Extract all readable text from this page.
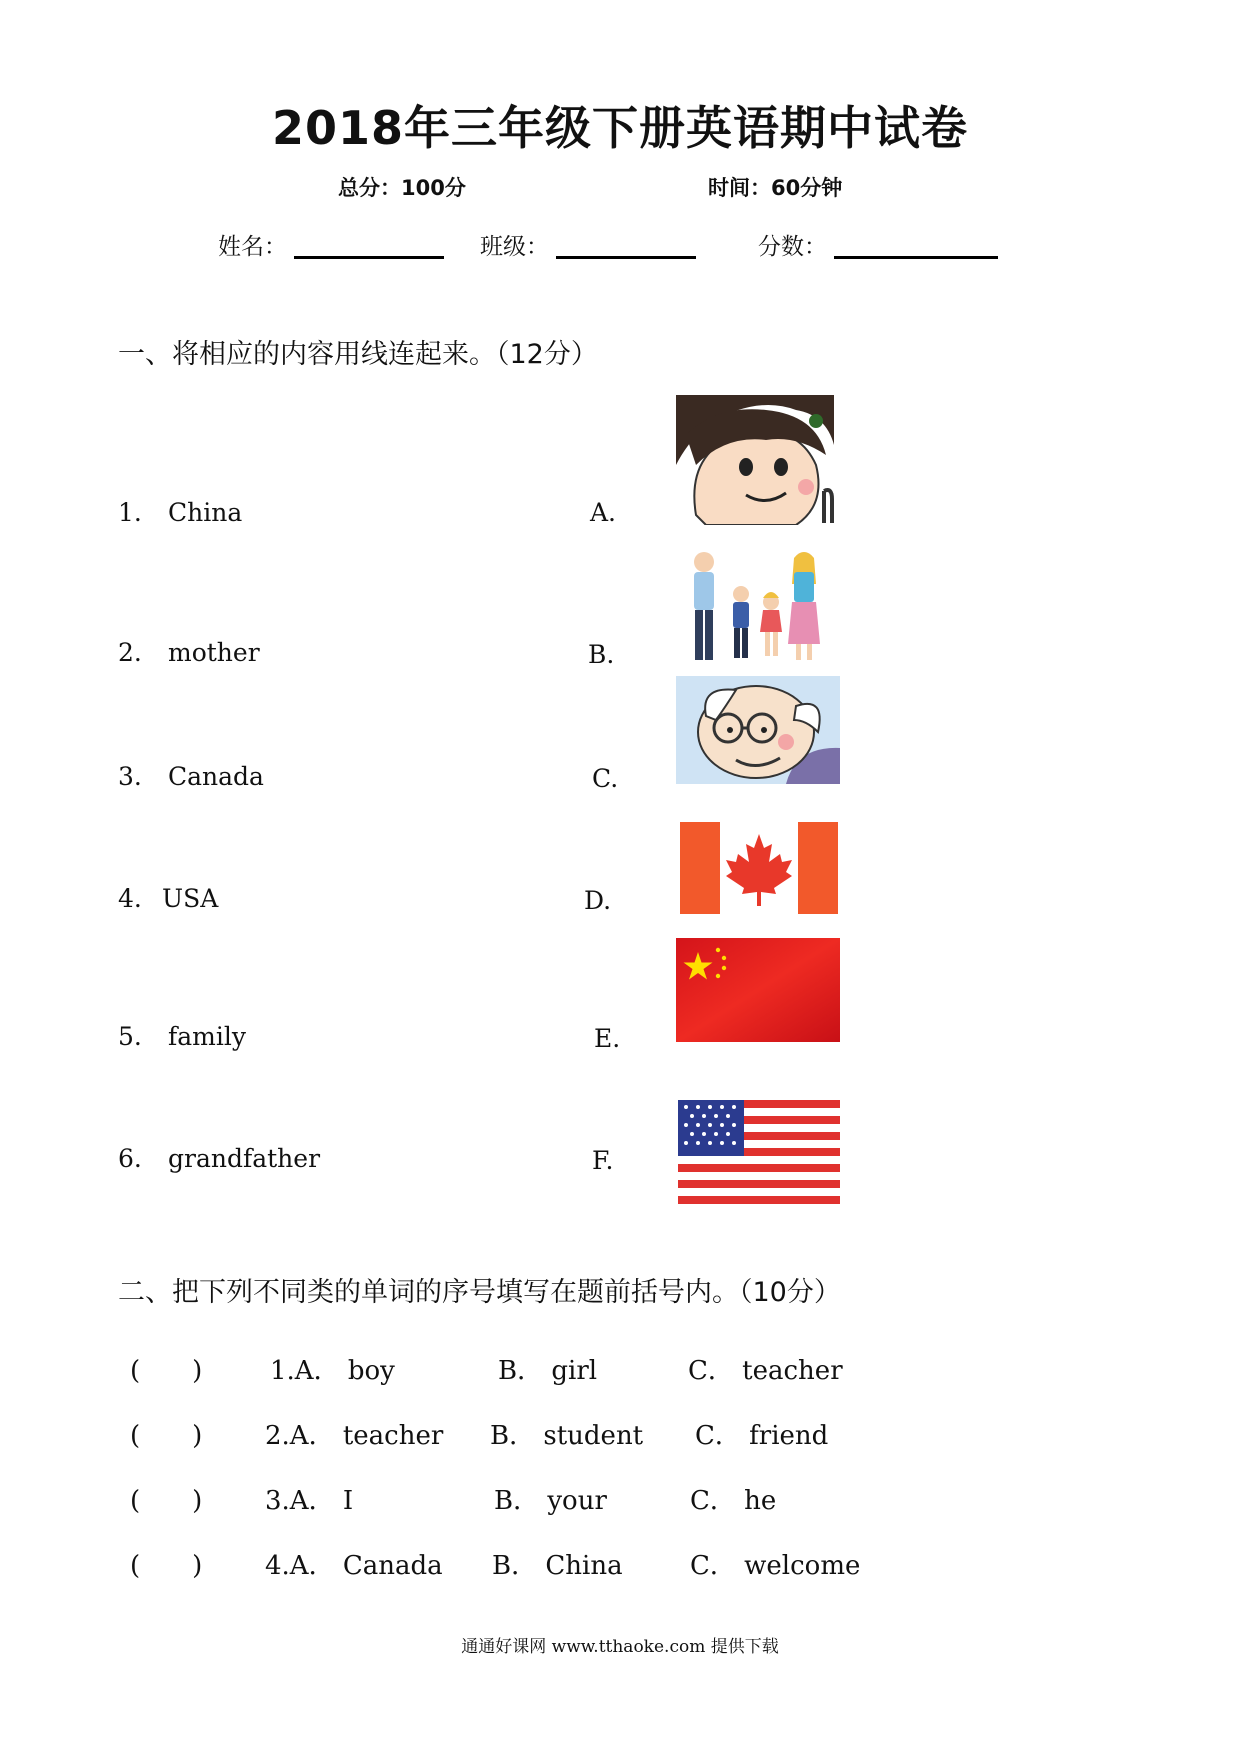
2018年三年级下册英语期中试卷
总分：100分	时间：60分钟
姓名：	班级：	分数：
一、将相应的内容用线连起来。（12分）
1. China
2. mother
3. Canada
4. USA
5. family
6. grandfather
A.
B.
C.
D.
E.
F.
二、把下列不同类的单词的序号填写在题前括号内。（10分）
(　　)	1.A． boy	B． girl	C． teacher
(　　) 2.A． teacher B． student C． friend
(　　) 3.A． I	B． your	C． he
(　　) 4.A． Canada B． China	C． welcome
通通好课网 www.tthaoke.com 提供下载
